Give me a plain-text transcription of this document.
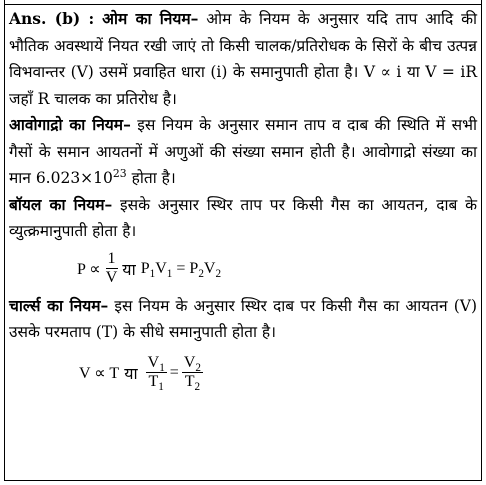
Ans. (b) : ओम का नियम– ओम के नियम के अनुसार यदि ताप आदि की भौतिक अवस्थायें नियत रखी जाएं तो किसी चालक/प्रतिरोधक के सिरों के बीच उत्पन्न विभवान्तर (V) उसमें प्रवाहित धारा (i) के समानुपाती होता है। V ∝ i या V = iR जहाँ R चालक का प्रतिरोध है।

आवोगाद्रो का नियम– इस नियम के अनुसार समान ताप व दाब की स्थिति में सभी गैसों के समान आयतनों में अणुओं की संख्या समान होती है। आवोगाद्रो संख्या का मान $6.023\times 10^{23}$ होता है।

बॉयल का नियम– इसके अनुसार स्थिर ताप पर किसी गैस का आयतन, दाब के व्युत्क्रमानुपाती होता है।

$P \propto \frac{1}{V}$ या $P_1V_1 = P_2V_2$

चार्ल्स का नियम– इस नियम के अनुसार स्थिर दाब पर किसी गैस का आयतन (V) उसके परमताप (T) के सीधे समानुपाती होता है।

V ∝ T या $\frac{V_1}{T_1} = \frac{V_2}{T_2}$
